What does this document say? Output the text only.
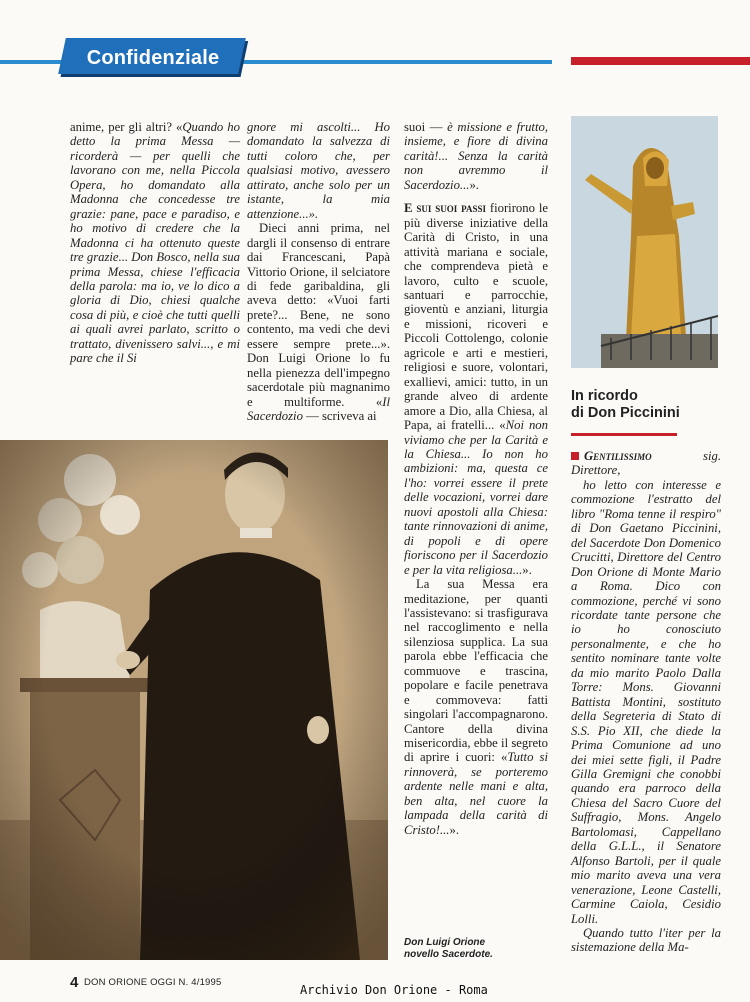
Confidenziale

anime, per gli altri? «Quando ho detto la prima Messa — ricorderà — per quelli che lavorano con me, nella Piccola Opera, ho domandato alla Madonna che concedesse tre grazie: pane, pace e paradiso, e ho motivo di credere che la Madonna ci ha ottenuto queste tre grazie... Don Bosco, nella sua prima Messa, chiese l'efficacia della parola: ma io, ve lo dico a gloria di Dio, chiesi qualche cosa di più, e cioè che tutti quelli ai quali avrei parlato, scritto o trattato, divenissero salvi..., e mi pare che il Si

gnore mi ascolti... Ho domandato la salvezza di tutti coloro che, per qualsiasi motivo, avessero attirato, anche solo per un istante, la mia attenzione...».

Dieci anni prima, nel dargli il consenso di entrare dai Francescani, Papà Vittorio Orione, il selciatore di fede garibaldina, gli aveva detto: «Vuoi farti prete?... Bene, ne sono contento, ma vedi che devi essere sempre prete...». Don Luigi Orione lo fu nella pienezza dell'impegno sacerdotale più magnanimo e multiforme. «Il Sacerdozio — scriveva ai

suoi — è missione e frutto, insieme, e fiore di divina carità!... Senza la carità non avremmo il Sacerdozio...».

E sui suoi passi fiorirono le più diverse iniziative della Carità di Cristo, in una attività mariana e sociale, che comprendeva pietà e lavoro, culto e scuole, santuari e parrocchie, gioventù e anziani, liturgia e missioni, ricoveri e Piccoli Cottolengo, colonie agricole e arti e mestieri, religiosi e suore, volontari, exallievi, amici: tutto, in un grande alveo di ardente amore a Dio, alla Chiesa, al Papa, ai fratelli... «Noi non viviamo che per la Carità e la Chiesa... Io non ho ambizioni: ma, questa ce l'ho: vorrei essere il prete delle vocazioni, vorrei dare nuovi apostoli alla Chiesa: tante rinnovazioni di anime, di popoli e di opere fioriscono per il Sacerdozio e per la vita religiosa...».

La sua Messa era meditazione, per quanti l'assistevano: si trasfigurava nel raccoglimento e nella silenziosa supplica. La sua parola ebbe l'efficacia che commuove e trascina, popolare e facile penetrava e commoveva: fatti singolari l'accompagnarono. Cantore della divina misericordia, ebbe il segreto di aprire i cuori: «Tutto si rinnoverà, se porteremo ardente nelle mani e alta, ben alta, nel cuore la lampada della carità di Cristo!...».

Don Luigi Orione
novello Sacerdote.
In ricordo
di Don Piccinini

Gentilissimo sig. Direttore,

ho letto con interesse e commozione l'estratto del libro "Roma tenne il respiro" di Don Gaetano Piccinini, del Sacerdote Don Domenico Crucitti, Direttore del Centro Don Orione di Monte Mario a Roma. Dico con commozione, perché vi sono ricordate tante persone che io ho conosciuto personalmente, e che ho sentito nominare tante volte da mio marito Paolo Dalla Torre: Mons. Giovanni Battista Montini, sostituto della Segreteria di Stato di S.S. Pio XII, che diede la Prima Comunione ad uno dei miei sette figli, il Padre Gilla Gremigni che conobbi quando era parroco della Chiesa del Sacro Cuore del Suffragio, Mons. Angelo Bartolomasi, Cappellano della G.L.L., il Senatore Alfonso Bartoli, per il quale mio marito aveva una vera venerazione, Leone Castelli, Carmine Caiola, Cesidio Lolli.

Quando tutto l'iter per la sistemazione della Ma-

4 DON ORIONE OGGI N. 4/1995
Archivio Don Orione - Roma
